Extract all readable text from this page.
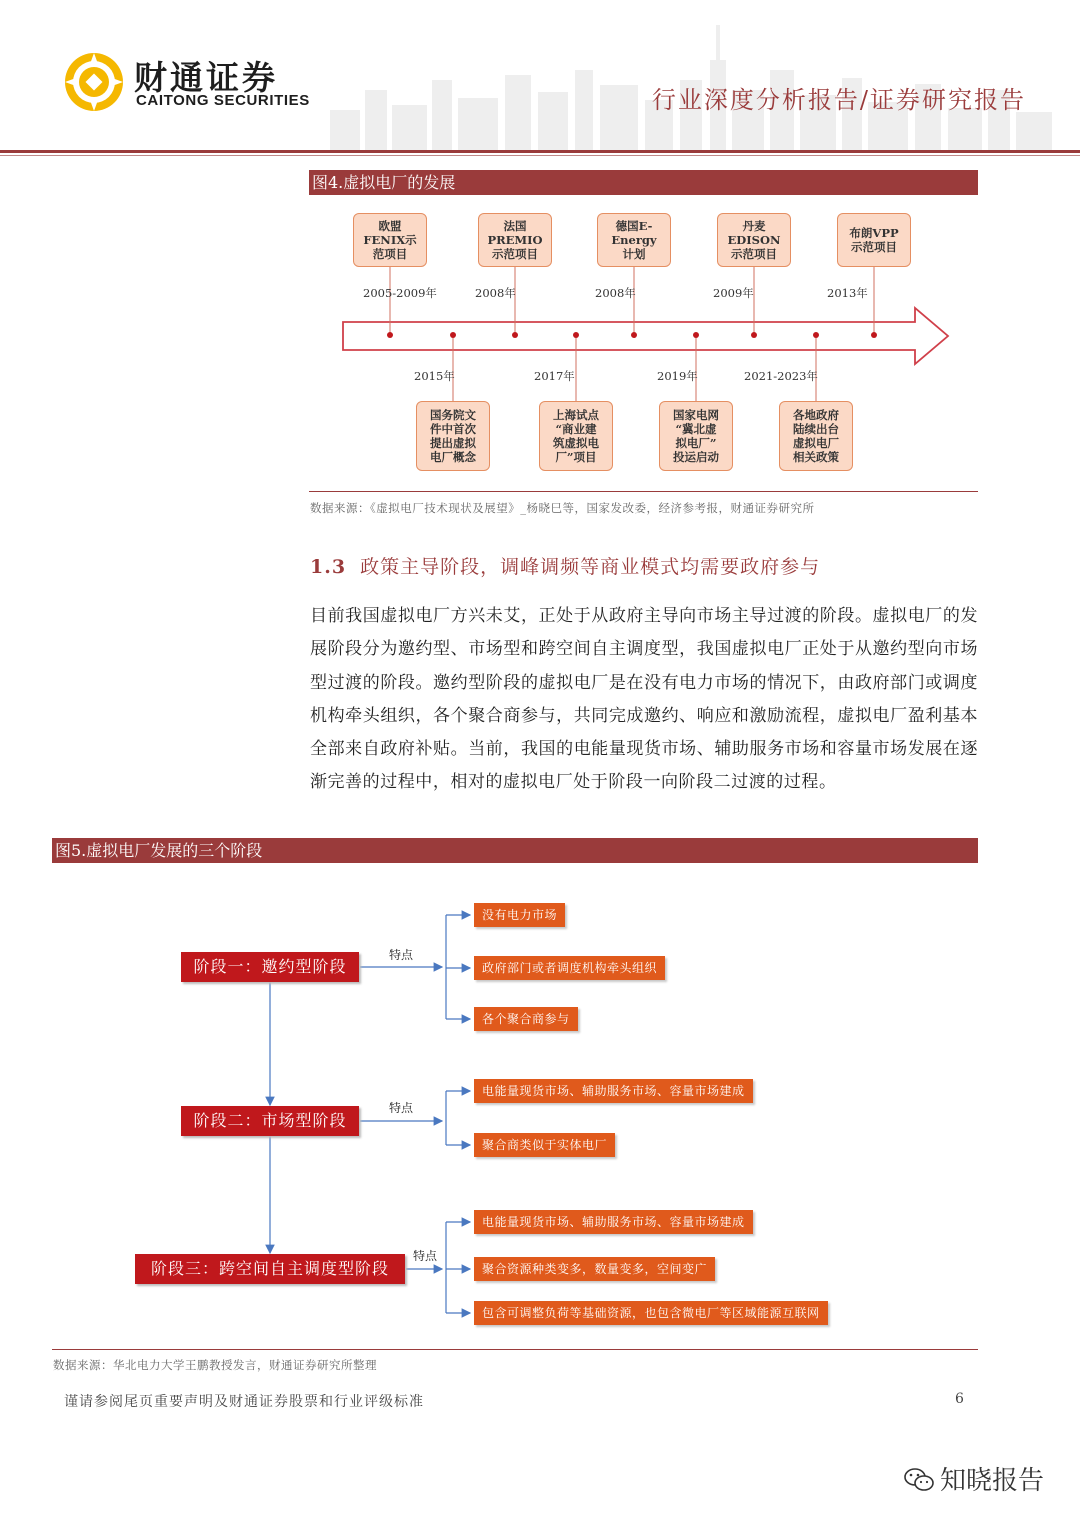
财通证券
CAITONG SECURITIES	行业深度分析报告/证券研究报告
图4.虚拟电厂的发展
欧盟
FENIX示
范项目
法国
PREMIO
示范项目
德国E-
Energy
计划
丹麦
EDISON
示范项目
布朗VPP
示范项目
2005-2009年	2008年	2008年	2009年	2013年
2015年	2017年	2019年	2021-2023年
国务院文
件中首次
提出虚拟
电厂概念
上海试点
“商业建
筑虚拟电
厂”项目
国家电网
“冀北虚
拟电厂”
投运启动
各地政府
陆续出台
虚拟电厂
相关政策
数据来源：《虚拟电厂技术现状及展望》_杨晓巳等，国家发改委，经济参考报，财通证券研究所
1.3 政策主导阶段，调峰调频等商业模式均需要政府参与
目前我国虚拟电厂方兴未艾，正处于从政府主导向市场主导过渡的阶段。虚拟电厂的发展阶段分为邀约型、市场型和跨空间自主调度型，我国虚拟电厂正处于从邀约型向市场型过渡的阶段。邀约型阶段的虚拟电厂是在没有电力市场的情况下，由政府部门或调度机构牵头组织，各个聚合商参与，共同完成邀约、响应和激励流程，虚拟电厂盈利基本全部来自政府补贴。当前，我国的电能量现货市场、辅助服务市场和容量市场发展在逐渐完善的过程中，相对的虚拟电厂处于阶段一向阶段二过渡的过程。
图5.虚拟电厂发展的三个阶段
阶段一：邀约型阶段
阶段二：市场型阶段
阶段三：跨空间自主调度型阶段
特点
特点
特点
没有电力市场
政府部门或者调度机构牵头组织
各个聚合商参与
电能量现货市场、辅助服务市场、容量市场建成
聚合商类似于实体电厂
电能量现货市场、辅助服务市场、容量市场建成
聚合资源种类变多，数量变多，空间变广
包含可调整负荷等基础资源，也包含微电厂等区域能源互联网
数据来源：华北电力大学王鹏教授发言，财通证券研究所整理
谨请参阅尾页重要声明及财通证券股票和行业评级标准	6
知晓报告
